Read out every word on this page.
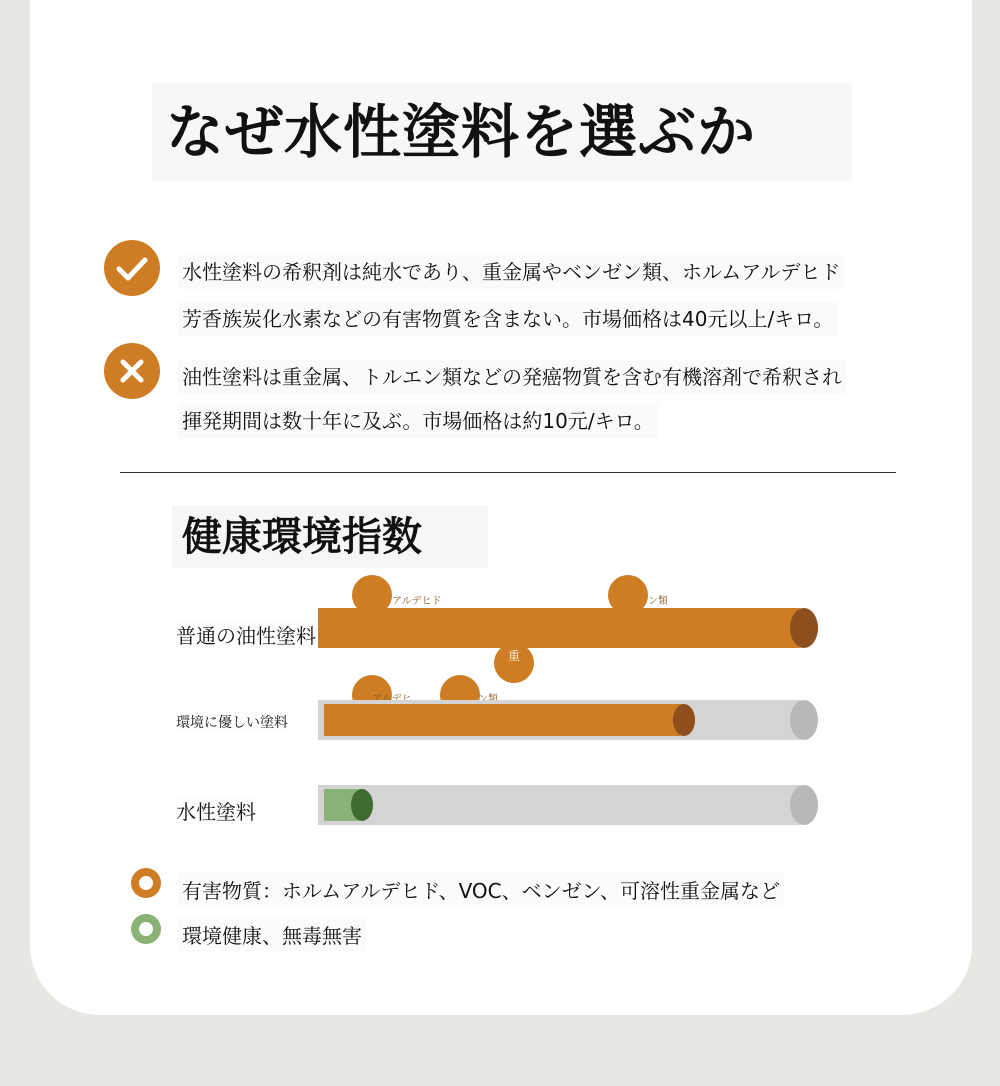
なぜ水性塗料を選ぶか
水性塗料の希釈剤は純水であり、重金属やベンゼン類、ホルムアルデヒド
芳香族炭化水素などの有害物質を含まない。市場価格は40元以上/キロ。
油性塗料は重金属、トルエン類などの発癌物質を含む有機溶剤で希釈され
揮発期間は数十年に及ぶ。市場価格は約10元/キロ。
健康環境指数
アルデヒド	ン類
普通の油性塗料
重
環境に優しい塗料
水性塗料
有害物質：ホルムアルデヒド、VOC、ベンゼン、可溶性重金属など
環境健康、無毒無害
